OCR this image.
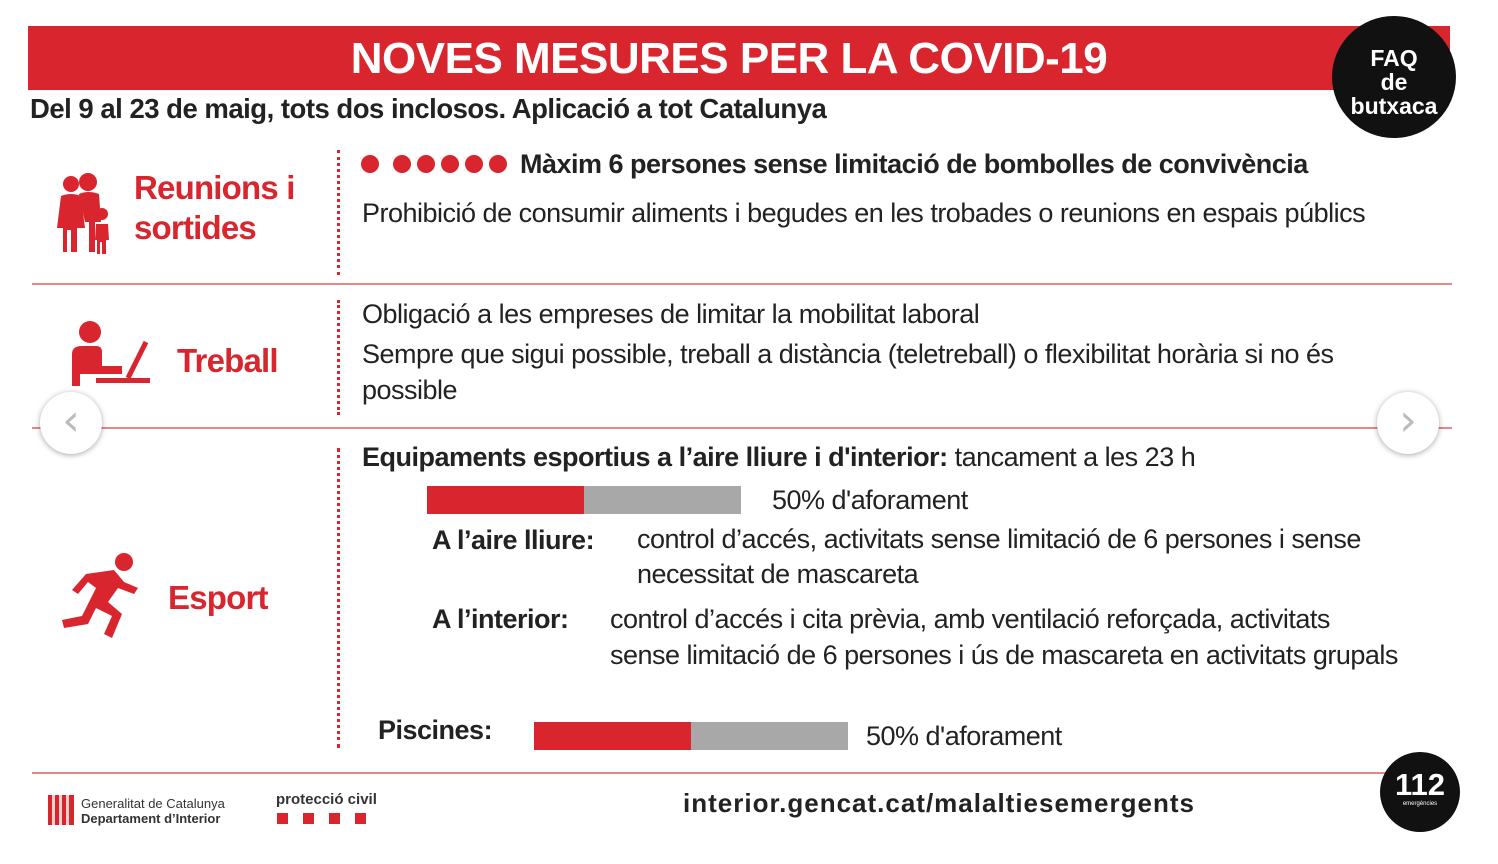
NOVES MESURES PER LA COVID-19
Del 9 al 23 de maig, tots dos inclosos. Aplicació a tot Catalunya
FAQ
de
butxaca
Reunions i
sortides
Màxim 6 persones sense limitació de bombolles de convivència
Prohibició de consumir aliments i begudes en les trobades o reunions en espais públics
Treball
Obligació a les empreses de limitar la mobilitat laboral
Sempre que sigui possible, treball a distància (teletreball) o flexibilitat horària si no és possible
Esport
Equipaments esportius a l’aire lliure i d'interior: tancament a les 23 h
50% d'aforament
A l’aire lliure: control d’accés, activitats sense limitació de 6 persones i sense necessitat de mascareta
A l’interior: control d’accés i cita prèvia, amb ventilació reforçada, activitats sense limitació de 6 persones i ús de mascareta en activitats grupals
Piscines:	50% d'aforament
‹	›
Generalitat de Catalunya
Departament d’Interior
protecció civil	interior.gencat.cat/malaltiesemergents
112
emergències
